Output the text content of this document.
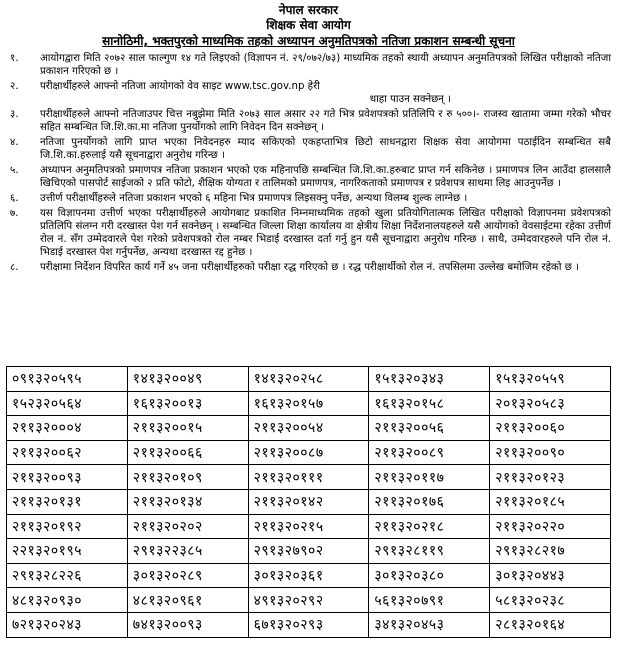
नेपाल सरकार
शिक्षक सेवा आयोग
सानोठिमी, भक्तपुरको माध्यमिक तहको अध्यापन अनुमतिपत्रको नतिजा प्रकाशन सम्बन्धी सूचना
१.	आयोगद्वारा मिति २०७२ साल फाल्गुण १४ गते लिइएको (विज्ञापन नं. २९/०७२/७३) माध्यमिक तहको स्थायी अध्यापन अनुमतिपत्रको लिखित परीक्षाको नतिजा प्रकाशन गरिएको छ ।
२.	परीक्षार्थीहरुले आफ्नो नतिजा आयोगको वेव साइट www.tsc.gov.np हेरी
थाहा पाउन सक्नेछन् ।
३.	परीक्षार्थीहरुले आफ्नो नतिजाउपर चित्त नबुझेमा मिति २०७३ साल असार २२ गते भित्र प्रवेशपत्रको प्रतिलिपि र रु ५००।- राजस्व खातामा जम्मा गरेको भौचर सहित सम्बन्धित जि.शि.का.मा नतिजा पुनर्योगको लागि निवेदन दिन सक्नेछन् ।
४.	नतिजा पुनर्योगको लागि प्राप्त भएका निवेदनहरु म्याद सकिएको एकहप्ताभित्र छिटो साधनद्वारा शिक्षक सेवा आयोगमा पठाईदिन सम्बन्धित सबै जि.शि.का.हरुलाई यसै सूचनाद्वारा अनुरोध गरिन्छ ।
५.	अध्यापन अनुमतिपत्रको प्रमाणपत्र नतिजा प्रकाशन भएको एक महिनापछि सम्बन्धित जि.शि.का.हरुबाट प्राप्त गर्न सकिनेछ । प्रमाणपत्र लिन आउँदा हालसालै खिचिएको पासपोर्ट साईजको २ प्रति फोटो, शैक्षिक योग्यता र तालिमको प्रमाणपत्र, नागरिकताको प्रमाणपत्र र प्रवेशपत्र साथमा लिइ आउनुपर्नेछ ।
६.	उत्तीर्ण परीक्षार्थीहरुले नतिजा प्रकाशन भएको ६ महिना भित्र प्रमाणपत्र लिइसक्नु पर्नेछ, अन्यथा विलम्ब शुल्क लाग्नेछ ।
७.	यस विज्ञापनमा उत्तीर्ण भएका परीक्षार्थीहरुले आयोगबाट प्रकाशित निम्नमाध्यमिक तहको खुला प्रतियोगितात्मक लिखित परीक्षाको विज्ञापनमा प्रवेशपत्रको प्रतिलिपि संलग्न गरी दरखास्त पेश गर्न सक्नेछन् । सम्बन्धित जिल्ला शिक्षा कार्यालय वा क्षेत्रीय शिक्षा निर्देशनालयहरुले यसै आयोगको वेवसाईटमा रहेका उत्तीर्ण रोल नं. सँग उम्मेदवारले पेश गरेको प्रवेशपत्रको रोल नम्बर भिडाई दरखास्त दर्ता गर्नु हुन यसै सूचनाद्वारा अनुरोध गरिन्छ । साथै, उम्मेदवारहरुले पनि रोल नं. भिडाई दरखास्त पेश गर्नुपर्नेछ, अन्यथा दरखास्त रद्द हुनेछ ।
८.	परीक्षामा निर्देशन विपरित कार्य गर्ने ४५ जना परीक्षार्थीहरुको परीक्षा रद्ध गरिएको छ । रद्ध परीक्षार्थीको रोल नं. तपसिलमा उल्लेख बमोजिम रहेको छ ।
०९१३२०५९५	१४१३२००४९	१४१३२०२५८	१५१३२०३४३	१५१३२०५५९
१५२३२०५६४	१६१३२००१३	१६१३२०१५७	१६१३२०१५८	२०१३२०५८३
२११३२०००४	२११३२००१५	२११३२००५४	२११३२००५६	२११३२००६०
२११३२००६२	२११३२००६६	२११३२००८७	२११३२००८९	२११३२००९०
२११३२००९३	२११३२०१०९	२११३२०१११	२११३२०११७	२११३२०१२३
२११३२०१३१	२११३२०१३४	२११३२०१४२	२११३२०१७६	२११३२०१८५
२११३२०१९२	२११३२०२०२	२११३२०२१५	२११३२०२१८	२११३२०२२०
२२१३२०१९५	२९१३२२३८५	२९१३२७९०२	२९१३२८११९	२९१३२८२१७
२९१३२८२२६	३०१३२०२८९	३०१३२०३६१	३०१३२०३८०	३०१३२०४४३
४८१३२०९३०	४८१३२०९६१	४९१३२०२९२	५६१३२०७९१	५८१३२०२३८
७२१३२०२४३	७४१३२००९३	६७१३२०२९३	३४१३२०४५३	२८१३२०१६४
